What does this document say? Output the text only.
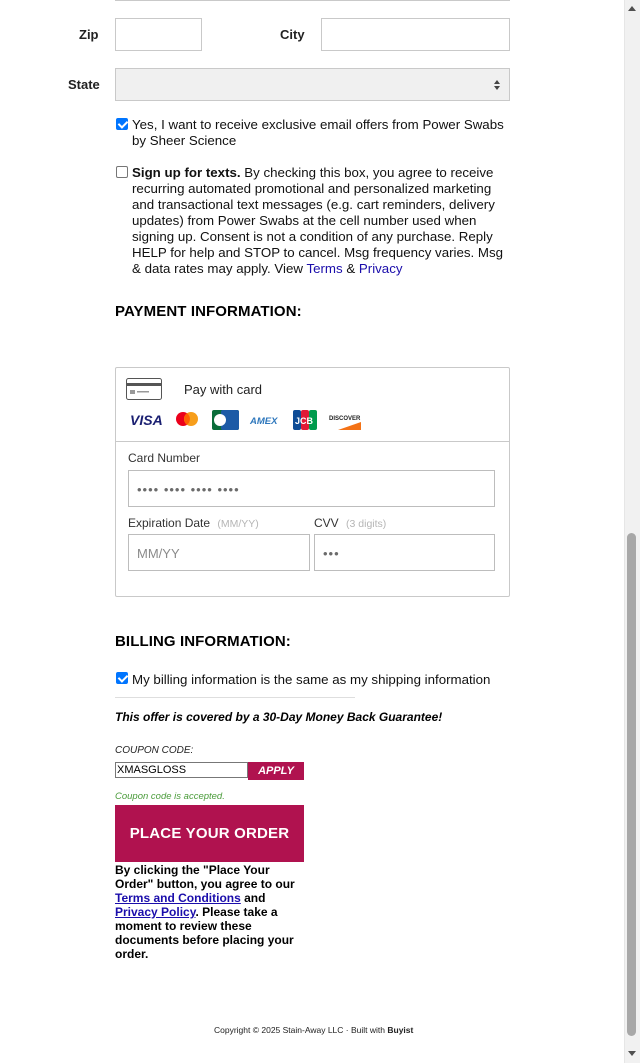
Zip	City
State
Yes, I want to receive exclusive email offers from Power Swabs by Sheer Science
Sign up for texts. By checking this box, you agree to receive recurring automated promotional and personalized marketing and transactional text messages (e.g. cart reminders, delivery updates) from Power Swabs at the cell number used when signing up. Consent is not a condition of any purchase. Reply HELP for help and STOP to cancel. Msg frequency varies. Msg & data rates may apply. View Terms & Privacy
PAYMENT INFORMATION:
Pay with card
VISA	AMEX JCB	DISCOVER
Card Number
•••• •••• •••• ••••
Expiration Date (MM/YY)
MM/YY
CVV (3 digits)
•••
BILLING INFORMATION:
My billing information is the same as my shipping information
This offer is covered by a 30-Day Money Back Guarantee!
COUPON CODE:
XMASGLOSS	APPLY
Coupon code is accepted.
PLACE YOUR ORDER
By clicking the "Place Your Order" button, you agree to our Terms and Conditions and Privacy Policy. Please take a moment to review these documents before placing your order.
Copyright © 2025 Stain-Away LLC · Built with Buyist
